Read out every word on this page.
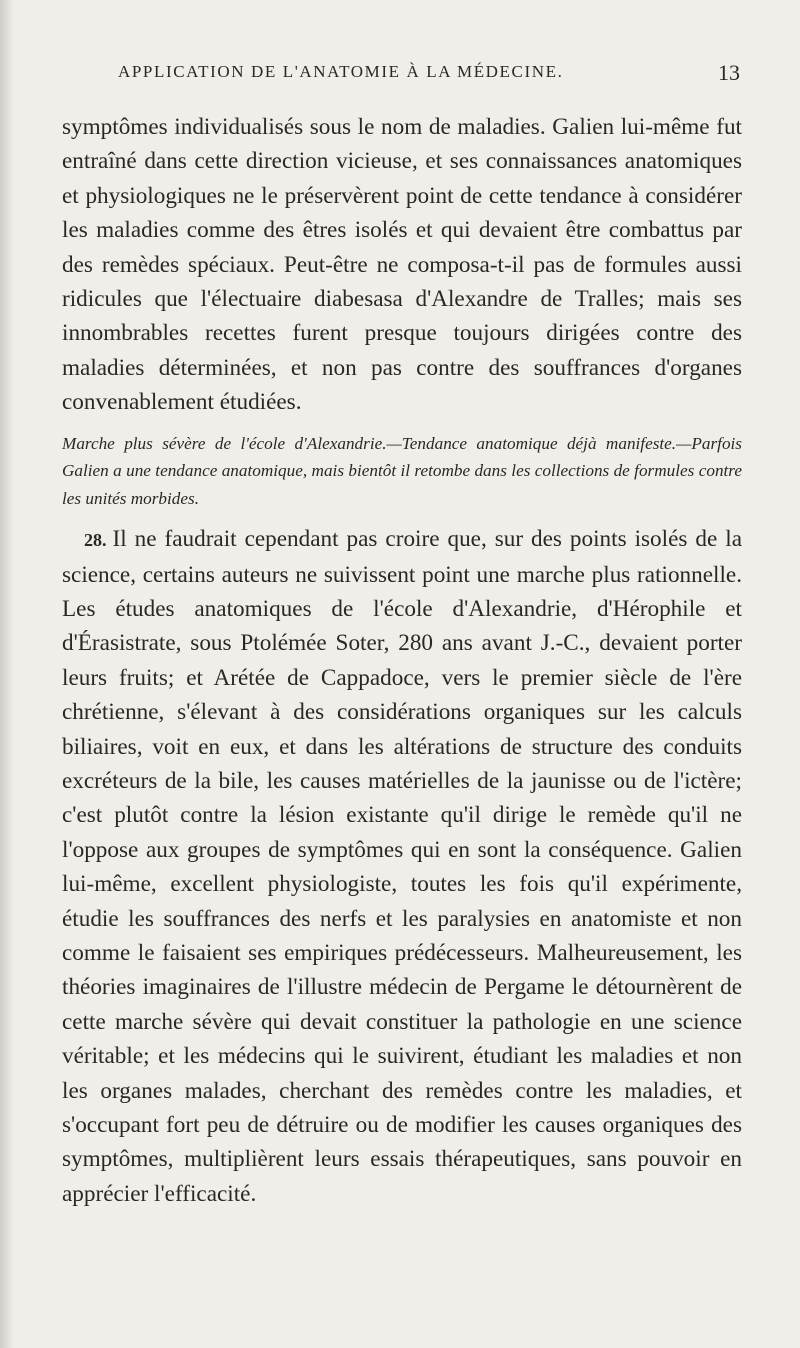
APPLICATION DE L'ANATOMIE À LA MÉDECINE.	13

symptômes individualisés sous le nom de maladies. Galien lui-même fut entraîné dans cette direction vicieuse, et ses connaissances anatomiques et physiologiques ne le préservèrent point de cette tendance à considérer les maladies comme des êtres isolés et qui devaient être combattus par des remèdes spéciaux. Peut-être ne composa-t-il pas de formules aussi ridicules que l'électuaire diabesasa d'Alexandre de Tralles; mais ses innombrables recettes furent presque toujours dirigées contre des maladies déterminées, et non pas contre des souffrances d'organes convenablement étudiées.

Marche plus sévère de l'école d'Alexandrie.—Tendance anatomique déjà manifeste.—Parfois Galien a une tendance anatomique, mais bientôt il retombe dans les collections de formules contre les unités morbides.

28. Il ne faudrait cependant pas croire que, sur des points isolés de la science, certains auteurs ne suivissent point une marche plus rationnelle. Les études anatomiques de l'école d'Alexandrie, d'Hérophile et d'Érasistrate, sous Ptolémée Soter, 280 ans avant J.-C., devaient porter leurs fruits; et Arétée de Cappadoce, vers le premier siècle de l'ère chrétienne, s'élevant à des considérations organiques sur les calculs biliaires, voit en eux, et dans les altérations de structure des conduits excréteurs de la bile, les causes matérielles de la jaunisse ou de l'ictère; c'est plutôt contre la lésion existante qu'il dirige le remède qu'il ne l'oppose aux groupes de symptômes qui en sont la conséquence. Galien lui-même, excellent physiologiste, toutes les fois qu'il expérimente, étudie les souffrances des nerfs et les paralysies en anatomiste et non comme le faisaient ses empiriques prédécesseurs. Malheureusement, les théories imaginaires de l'illustre médecin de Pergame le détournèrent de cette marche sévère qui devait constituer la pathologie en une science véritable; et les médecins qui le suivirent, étudiant les maladies et non les organes malades, cherchant des remèdes contre les maladies, et s'occupant fort peu de détruire ou de modifier les causes organiques des symptômes, multiplièrent leurs essais thérapeutiques, sans pouvoir en apprécier l'efficacité.
